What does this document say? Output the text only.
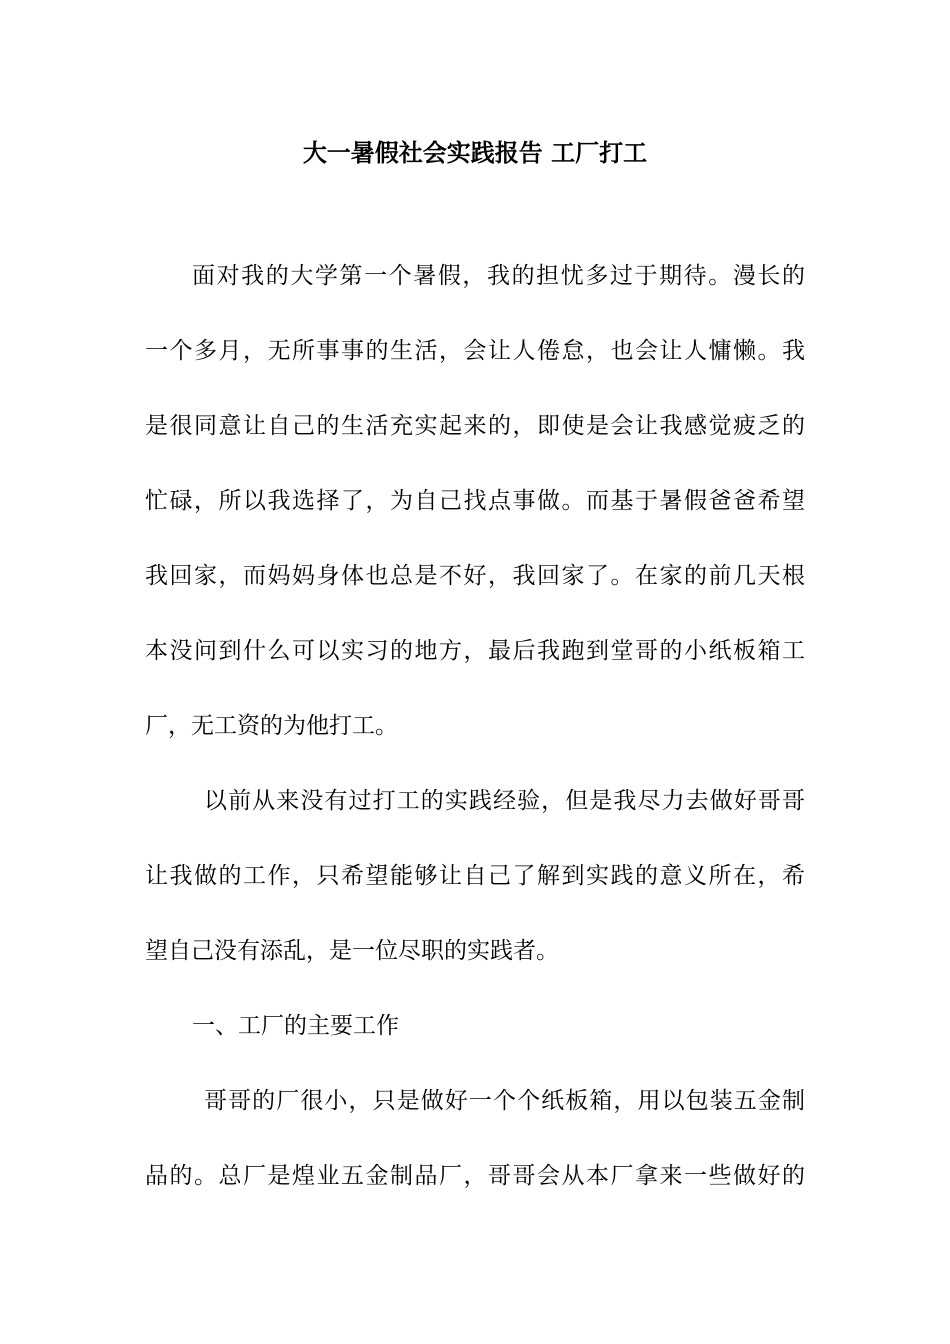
大一暑假社会实践报告 工厂打工
面对我的大学第一个暑假，我的担忧多过于期待。漫长的
一个多月，无所事事的生活，会让人倦怠，也会让人慵懒。我
是很同意让自己的生活充实起来的，即使是会让我感觉疲乏的
忙碌，所以我选择了，为自己找点事做。而基于暑假爸爸希望
我回家，而妈妈身体也总是不好，我回家了。在家的前几天根
本没问到什么可以实习的地方，最后我跑到堂哥的小纸板箱工
厂，无工资的为他打工。
以前从来没有过打工的实践经验，但是我尽力去做好哥哥
让我做的工作，只希望能够让自己了解到实践的意义所在，希
望自己没有添乱，是一位尽职的实践者。
一、工厂的主要工作
哥哥的厂很小，只是做好一个个纸板箱，用以包装五金制
品的。总厂是煌业五金制品厂，哥哥会从本厂拿来一些做好的
